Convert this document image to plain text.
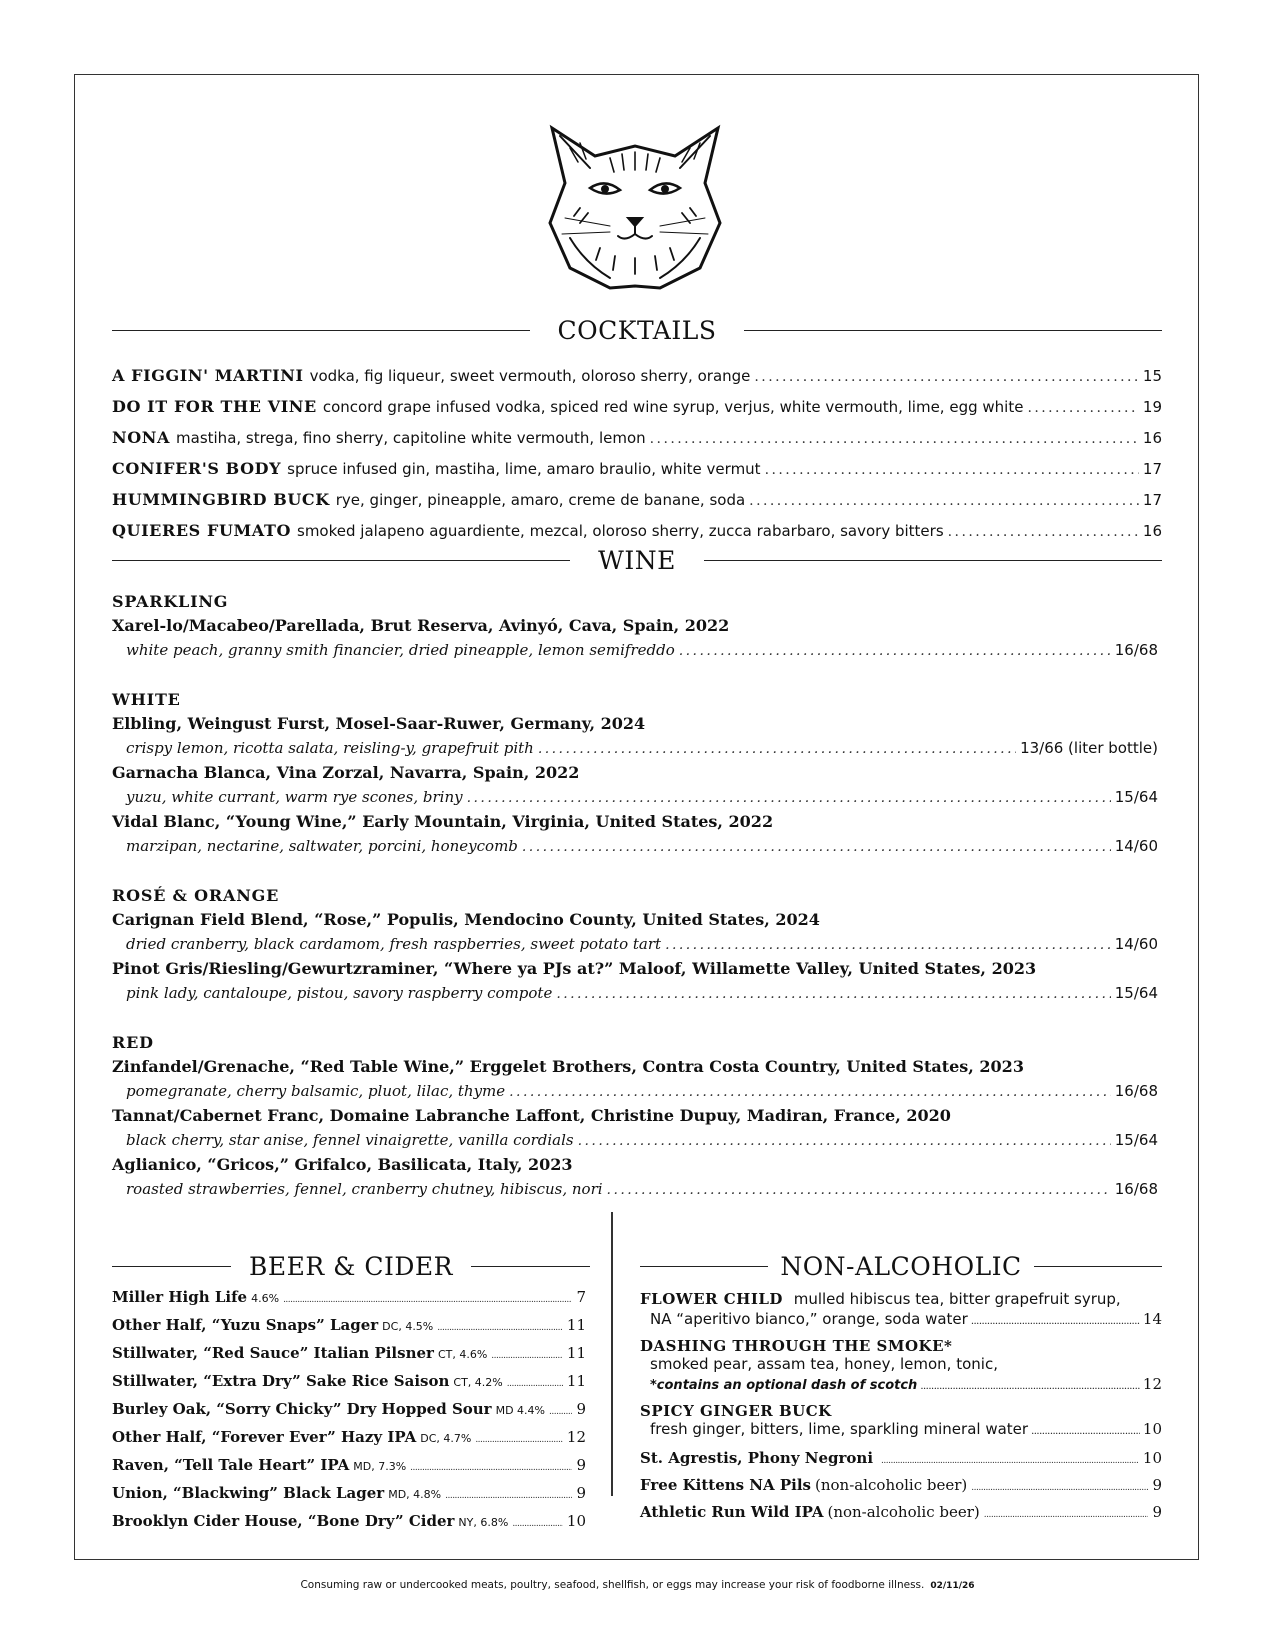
COCKTAILS
A FIGGIN' MARTINI vodka, fig liqueur, sweet vermouth, oloroso sherry, orange . . .	15
DO IT FOR THE VINE concord grape infused vodka, spiced red wine syrup, verjus, white vermouth, lime, egg white . . .	19
NONA mastiha, strega, fino sherry, capitoline white vermouth, lemon . . .	16
CONIFER'S BODY spruce infused gin, mastiha, lime, amaro braulio, white vermut . . .	17
HUMMINGBIRD BUCK rye, ginger, pineapple, amaro, creme de banane, soda . . .	17
QUIERES FUMATO smoked jalapeno aguardiente, mezcal, oloroso sherry, zucca rabarbaro, savory bitters . . .	16
WINE
SPARKLING
Xarel-lo/Macabeo/Parellada, Brut Reserva, Avinyó, Cava, Spain, 2022
white peach, granny smith financier, dried pineapple, lemon semifreddo . . .	16/68
WHITE
Elbling, Weingust Furst, Mosel-Saar-Ruwer, Germany, 2024
crispy lemon, ricotta salata, reisling-y, grapefruit pith . . .	13/66 (liter bottle)
Garnacha Blanca, Vina Zorzal, Navarra, Spain, 2022
yuzu, white currant, warm rye scones, briny . . .	15/64
Vidal Blanc, “Young Wine,” Early Mountain, Virginia, United States, 2022
marzipan, nectarine, saltwater, porcini, honeycomb . . .	14/60
ROSÉ & ORANGE
Carignan Field Blend, “Rose,” Populis, Mendocino County, United States, 2024
dried cranberry, black cardamom, fresh raspberries, sweet potato tart . . .	14/60
Pinot Gris/Riesling/Gewurtzraminer, “Where ya PJs at?” Maloof, Willamette Valley, United States, 2023
pink lady, cantaloupe, pistou, savory raspberry compote . . .	15/64
RED
Zinfandel/Grenache, “Red Table Wine,” Erggelet Brothers, Contra Costa Country, United States, 2023
pomegranate, cherry balsamic, pluot, lilac, thyme . . .	16/68
Tannat/Cabernet Franc, Domaine Labranche Laffont, Christine Dupuy, Madiran, France, 2020
black cherry, star anise, fennel vinaigrette, vanilla cordials . . .	15/64
Aglianico, “Gricos,” Grifalco, Basilicata, Italy, 2023
roasted strawberries, fennel, cranberry chutney, hibiscus, nori . . .	16/68
BEER & CIDER
Miller High Life 4.6% .....	7
Other Half, “Yuzu Snaps” Lager DC, 4.5% .....	11
Stillwater, “Red Sauce” Italian Pilsner CT, 4.6% .....	11
Stillwater, “Extra Dry” Sake Rice Saison CT, 4.2% .....	11
Burley Oak, “Sorry Chicky” Dry Hopped Sour MD 4.4% ..... 9
Other Half, “Forever Ever” Hazy IPA DC, 4.7% .....	12
Raven, “Tell Tale Heart” IPA MD, 7.3% .....	9
Union, “Blackwing” Black Lager MD, 4.8% .....	9
Brooklyn Cider House, “Bone Dry” Cider NY, 6.8% .....	10
NON-ALCOHOLIC
FLOWER CHILD mulled hibiscus tea, bitter grapefruit syrup,
NA “aperitivo bianco,” orange, soda water .....	14
DASHING THROUGH THE SMOKE*
smoked pear, assam tea, honey, lemon, tonic,
*contains an optional dash of scotch .....	12
SPICY GINGER BUCK
fresh ginger, bitters, lime, sparkling mineral water .....	10
St. Agrestis, Phony Negroni .....	10
Free Kittens NA Pils (non-alcoholic beer) .....	9
Athletic Run Wild IPA (non-alcoholic beer) .....	9
Consuming raw or undercooked meats, poultry, seafood, shellfish, or eggs may increase your risk of foodborne illness. 02/11/26
